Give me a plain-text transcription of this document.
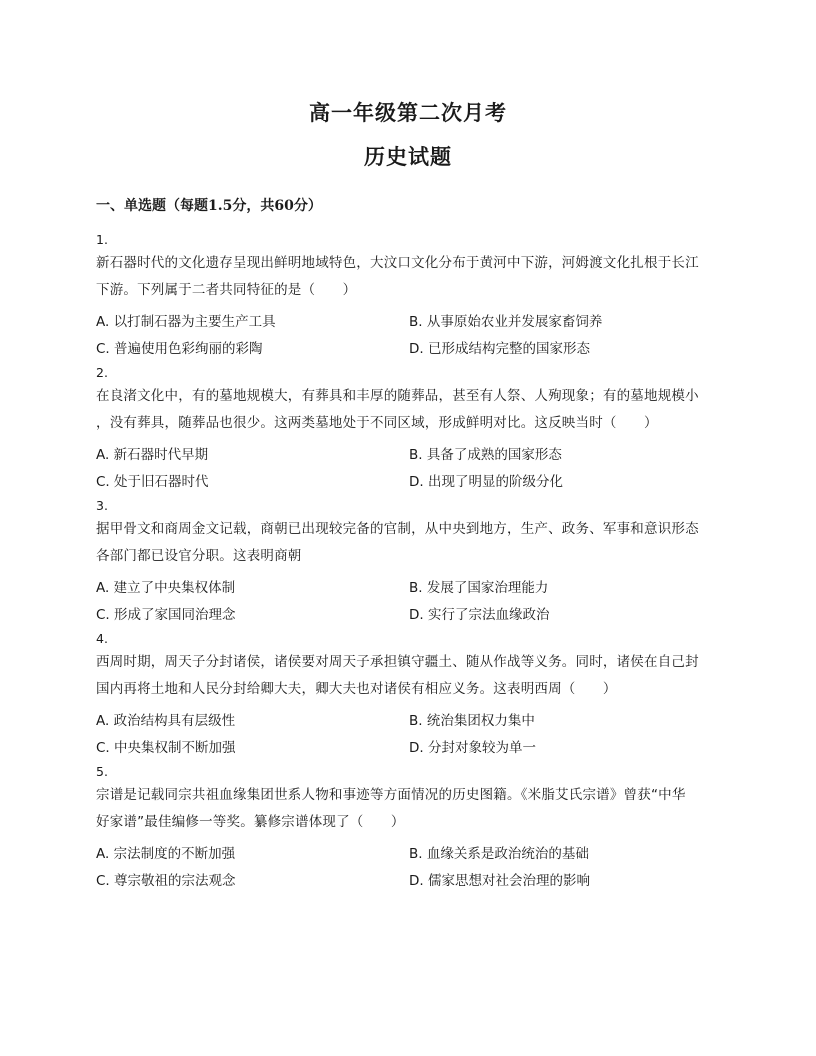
高一年级第二次月考
历史试题
一、单选题（每题1.5分，共60分）
1.
新石器时代的文化遗存呈现出鲜明地域特色，大汶口文化分布于黄河中下游，河姆渡文化扎根于长江
下游。下列属于二者共同特征的是（　　）
A. 以打制石器为主要生产工具	B. 从事原始农业并发展家畜饲养
C. 普遍使用色彩绚丽的彩陶	D. 已形成结构完整的国家形态
2.
在良渚文化中，有的墓地规模大，有葬具和丰厚的随葬品，甚至有人祭、人殉现象；有的墓地规模小
，没有葬具，随葬品也很少。这两类墓地处于不同区域，形成鲜明对比。这反映当时（　　）
A. 新石器时代早期	B. 具备了成熟的国家形态
C. 处于旧石器时代	D. 出现了明显的阶级分化
3.
据甲骨文和商周金文记载，商朝已出现较完备的官制，从中央到地方，生产、政务、军事和意识形态
各部门都已设官分职。这表明商朝
A. 建立了中央集权体制	B. 发展了国家治理能力
C. 形成了家国同治理念	D. 实行了宗法血缘政治
4.
西周时期，周天子分封诸侯，诸侯要对周天子承担镇守疆土、随从作战等义务。同时，诸侯在自己封
国内再将土地和人民分封给卿大夫，卿大夫也对诸侯有相应义务。这表明西周（　　）
A. 政治结构具有层级性	B. 统治集团权力集中
C. 中央集权制不断加强	D. 分封对象较为单一
5.
宗谱是记载同宗共祖血缘集团世系人物和事迹等方面情况的历史图籍。《米脂艾氏宗谱》曾获“中华
好家谱”最佳编修一等奖。纂修宗谱体现了（　　）
A. 宗法制度的不断加强	B. 血缘关系是政治统治的基础
C. 尊宗敬祖的宗法观念	D. 儒家思想对社会治理的影响
